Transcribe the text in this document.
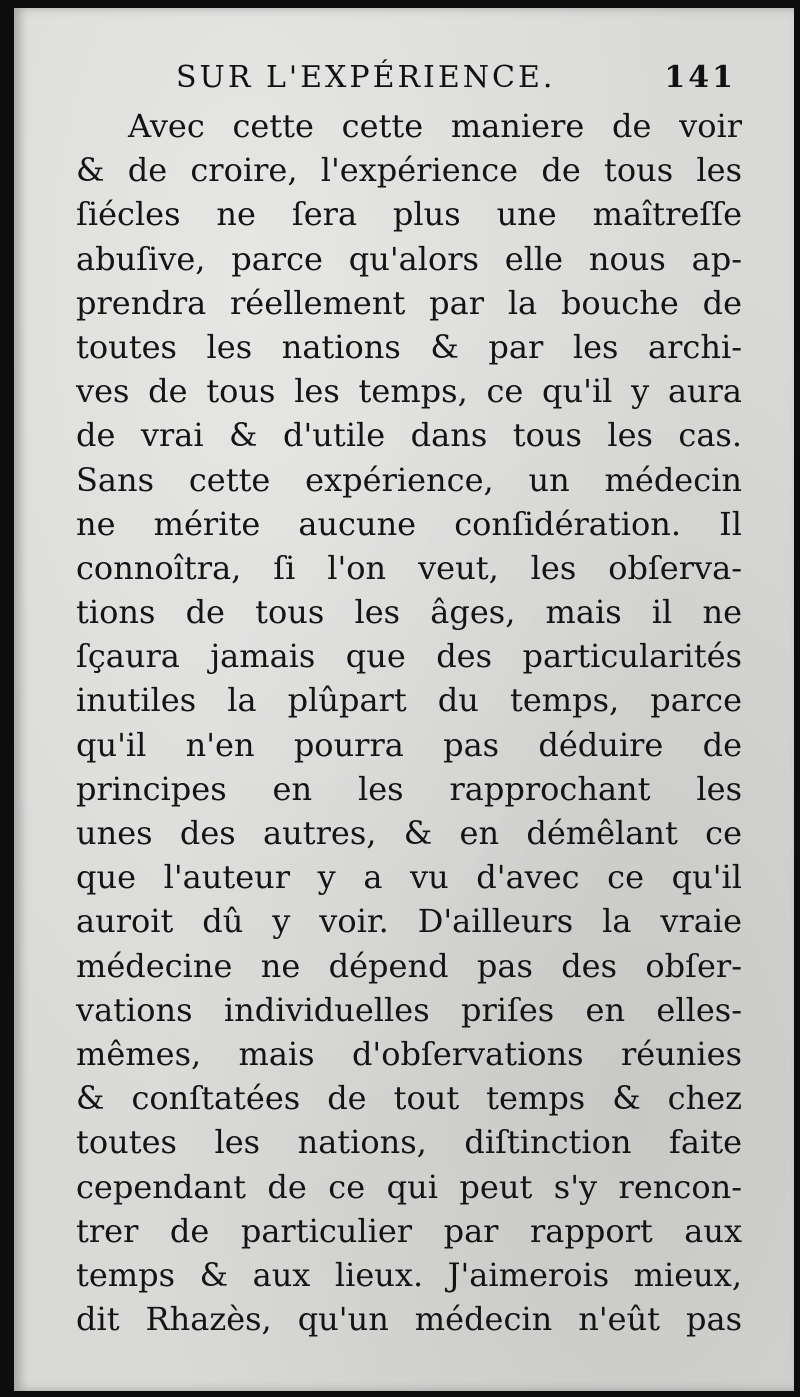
SUR L'EXPÉRIENCE.	141
Avec cette cette maniere de voir
& de croire, l'expérience de tous les
ſiécles ne ſera plus une maîtreſſe
abuſive, parce qu'alors elle nous ap-
prendra réellement par la bouche de
toutes les nations & par les archi-
ves de tous les temps, ce qu'il y aura
de vrai & d'utile dans tous les cas.
Sans cette expérience, un médecin
ne mérite aucune conſidération. Il
connoîtra, ſi l'on veut, les obſerva-
tions de tous les âges, mais il ne
ſçaura jamais que des particularités
inutiles la plûpart du temps, parce
qu'il n'en pourra pas déduire de
principes en les rapprochant les
unes des autres, & en démêlant ce
que l'auteur y a vu d'avec ce qu'il
auroit dû y voir. D'ailleurs la vraie
médecine ne dépend pas des obſer-
vations individuelles priſes en elles-
mêmes, mais d'obſervations réunies
& conſtatées de tout temps & chez
toutes les nations, diſtinction faite
cependant de ce qui peut s'y rencon-
trer de particulier par rapport aux
temps & aux lieux. J'aimerois mieux,
dit Rhazès, qu'un médecin n'eût pas
